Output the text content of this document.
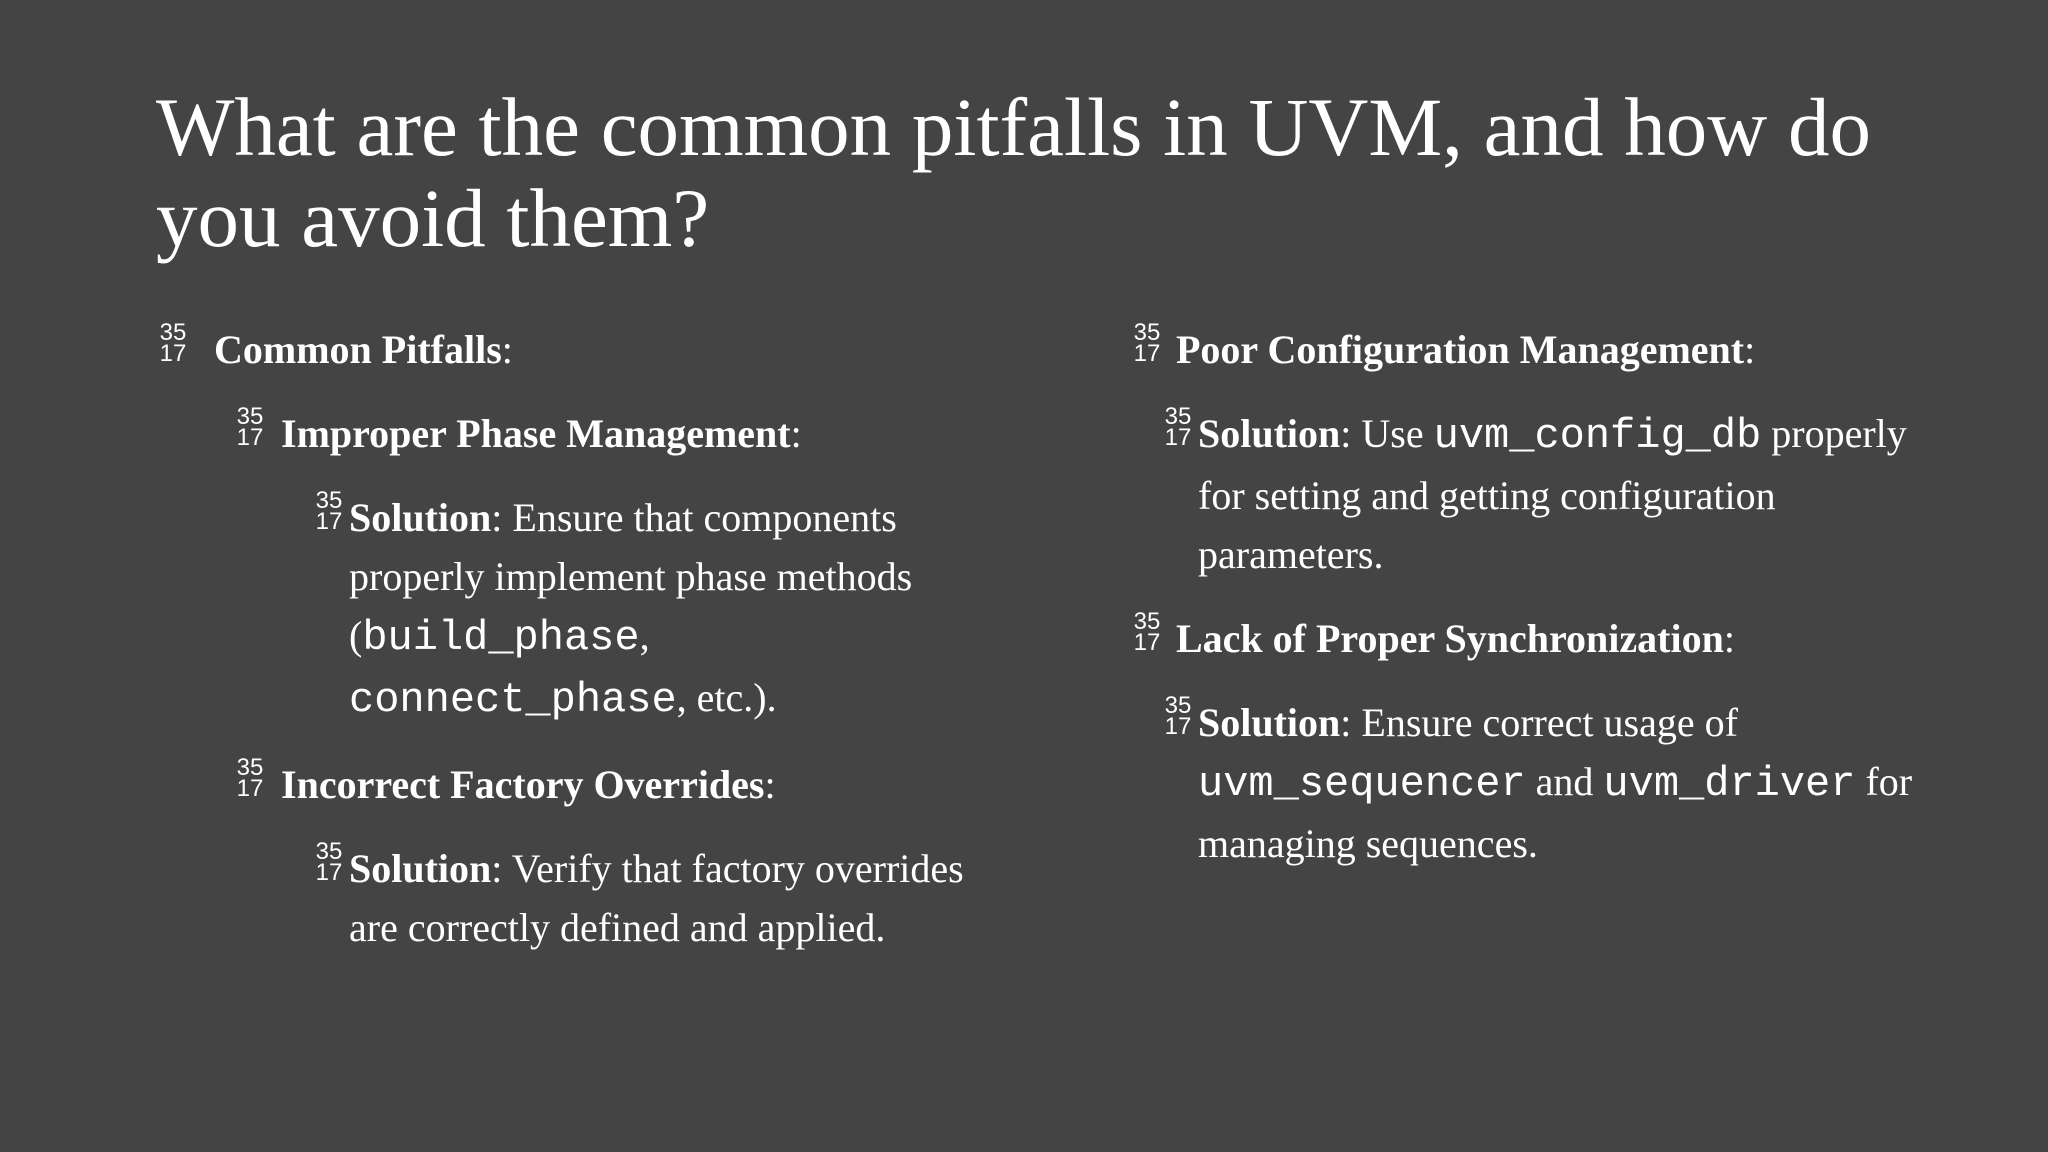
What are the common pitfalls in UVM, and how do you avoid them?
35
17 Common Pitfalls:
35
17 Improper Phase Management:
35
17 Solution: Ensure that components properly implement phase methods (build_phase, connect_phase, etc.).
35
17 Incorrect Factory Overrides:
35
17 Solution: Verify that factory overrides are correctly defined and applied.
35
17 Poor Configuration Management:
35
17 Solution: Use uvm_config_db properly for setting and getting configuration parameters.
35
17 Lack of Proper Synchronization:
35
17 Solution: Ensure correct usage of uvm_sequencer and uvm_driver for managing sequences.
